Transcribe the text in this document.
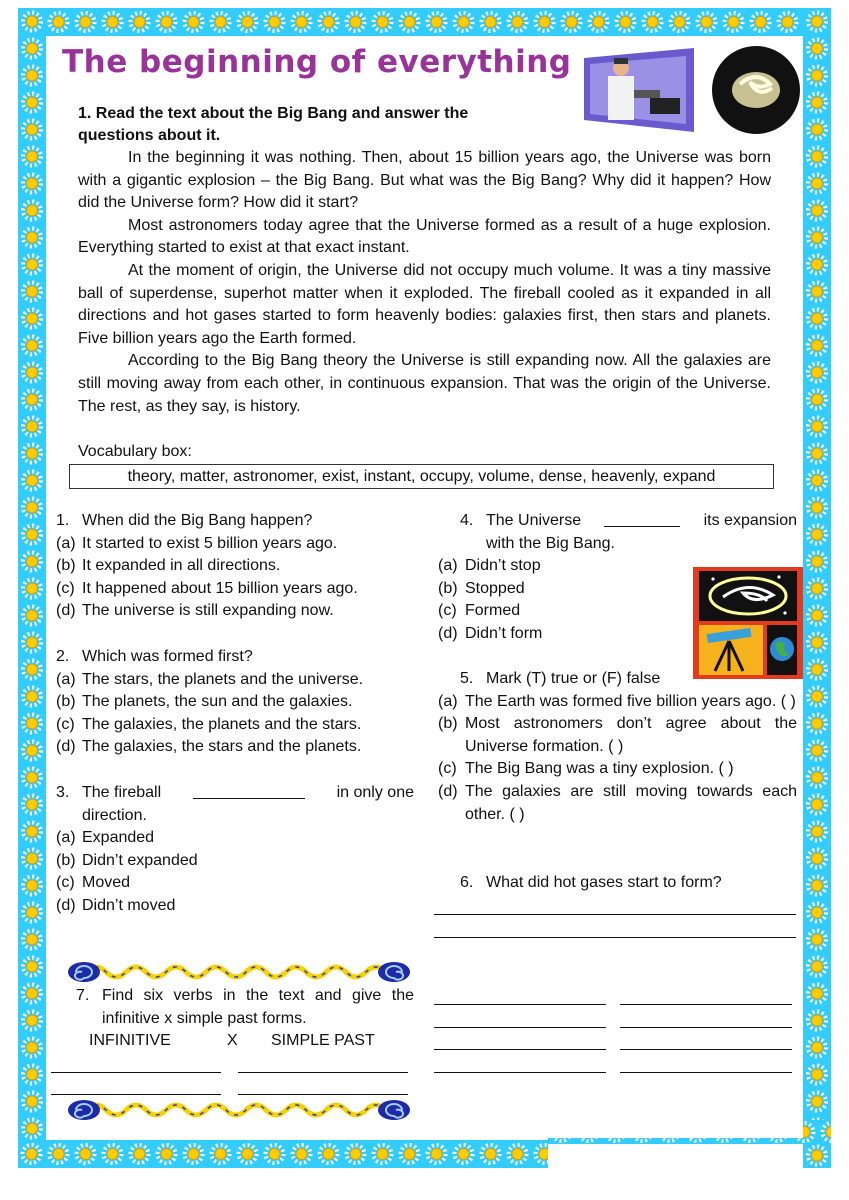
The beginning of everything
1. Read the text about the Big Bang and answer the questions about it.

In the beginning it was nothing. Then, about 15 billion years ago, the Universe was born with a gigantic explosion – the Big Bang. But what was the Big Bang? Why did it happen? How did the Universe form? How did it start?

Most astronomers today agree that the Universe formed as a result of a huge explosion. Everything started to exist at that exact instant.

At the moment of origin, the Universe did not occupy much volume. It was a tiny massive ball of superdense, superhot matter when it exploded. The fireball cooled as it expanded in all directions and hot gases started to form heavenly bodies: galaxies first, then stars and planets. Five billion years ago the Earth formed.

According to the Big Bang theory the Universe is still expanding now. All the galaxies are still moving away from each other, in continuous expansion. That was the origin of the Universe. The rest, as they say, is history.

Vocabulary box:
theory, matter, astronomer, exist, instant, occupy, volume, dense, heavenly, expand
1. When did the Big Bang happen?
(a) It started to exist 5 billion years ago.
(b) It expanded in all directions.
(c) It happened about 15 billion years ago.
(d) The universe is still expanding now.
2. Which was formed first?
(a) The stars, the planets and the universe.
(b) The planets, the sun and the galaxies.
(c) The galaxies, the planets and the stars.
(d) The galaxies, the stars and the planets.
3. The fireball	in only one
direction.
(a) Expanded
(b) Didn’t expanded
(c) Moved
(d) Didn’t moved
4. The Universe	its expansion
with the Big Bang.
(a) Didn’t stop
(b) Stopped
(c) Formed
(d) Didn’t form
5. Mark (T) true or (F) false
(a) The Earth was formed five billion years ago. ( )
(b) Most astronomers don’t agree about the Universe formation. ( )
(c) The Big Bang was a tiny explosion. ( )
(d) The galaxies are still moving towards each other. ( )
6. What did hot gases start to form?
7. Find six verbs in the text and give the infinitive x simple past forms.
INFINITIVE	X SIMPLE PAST
